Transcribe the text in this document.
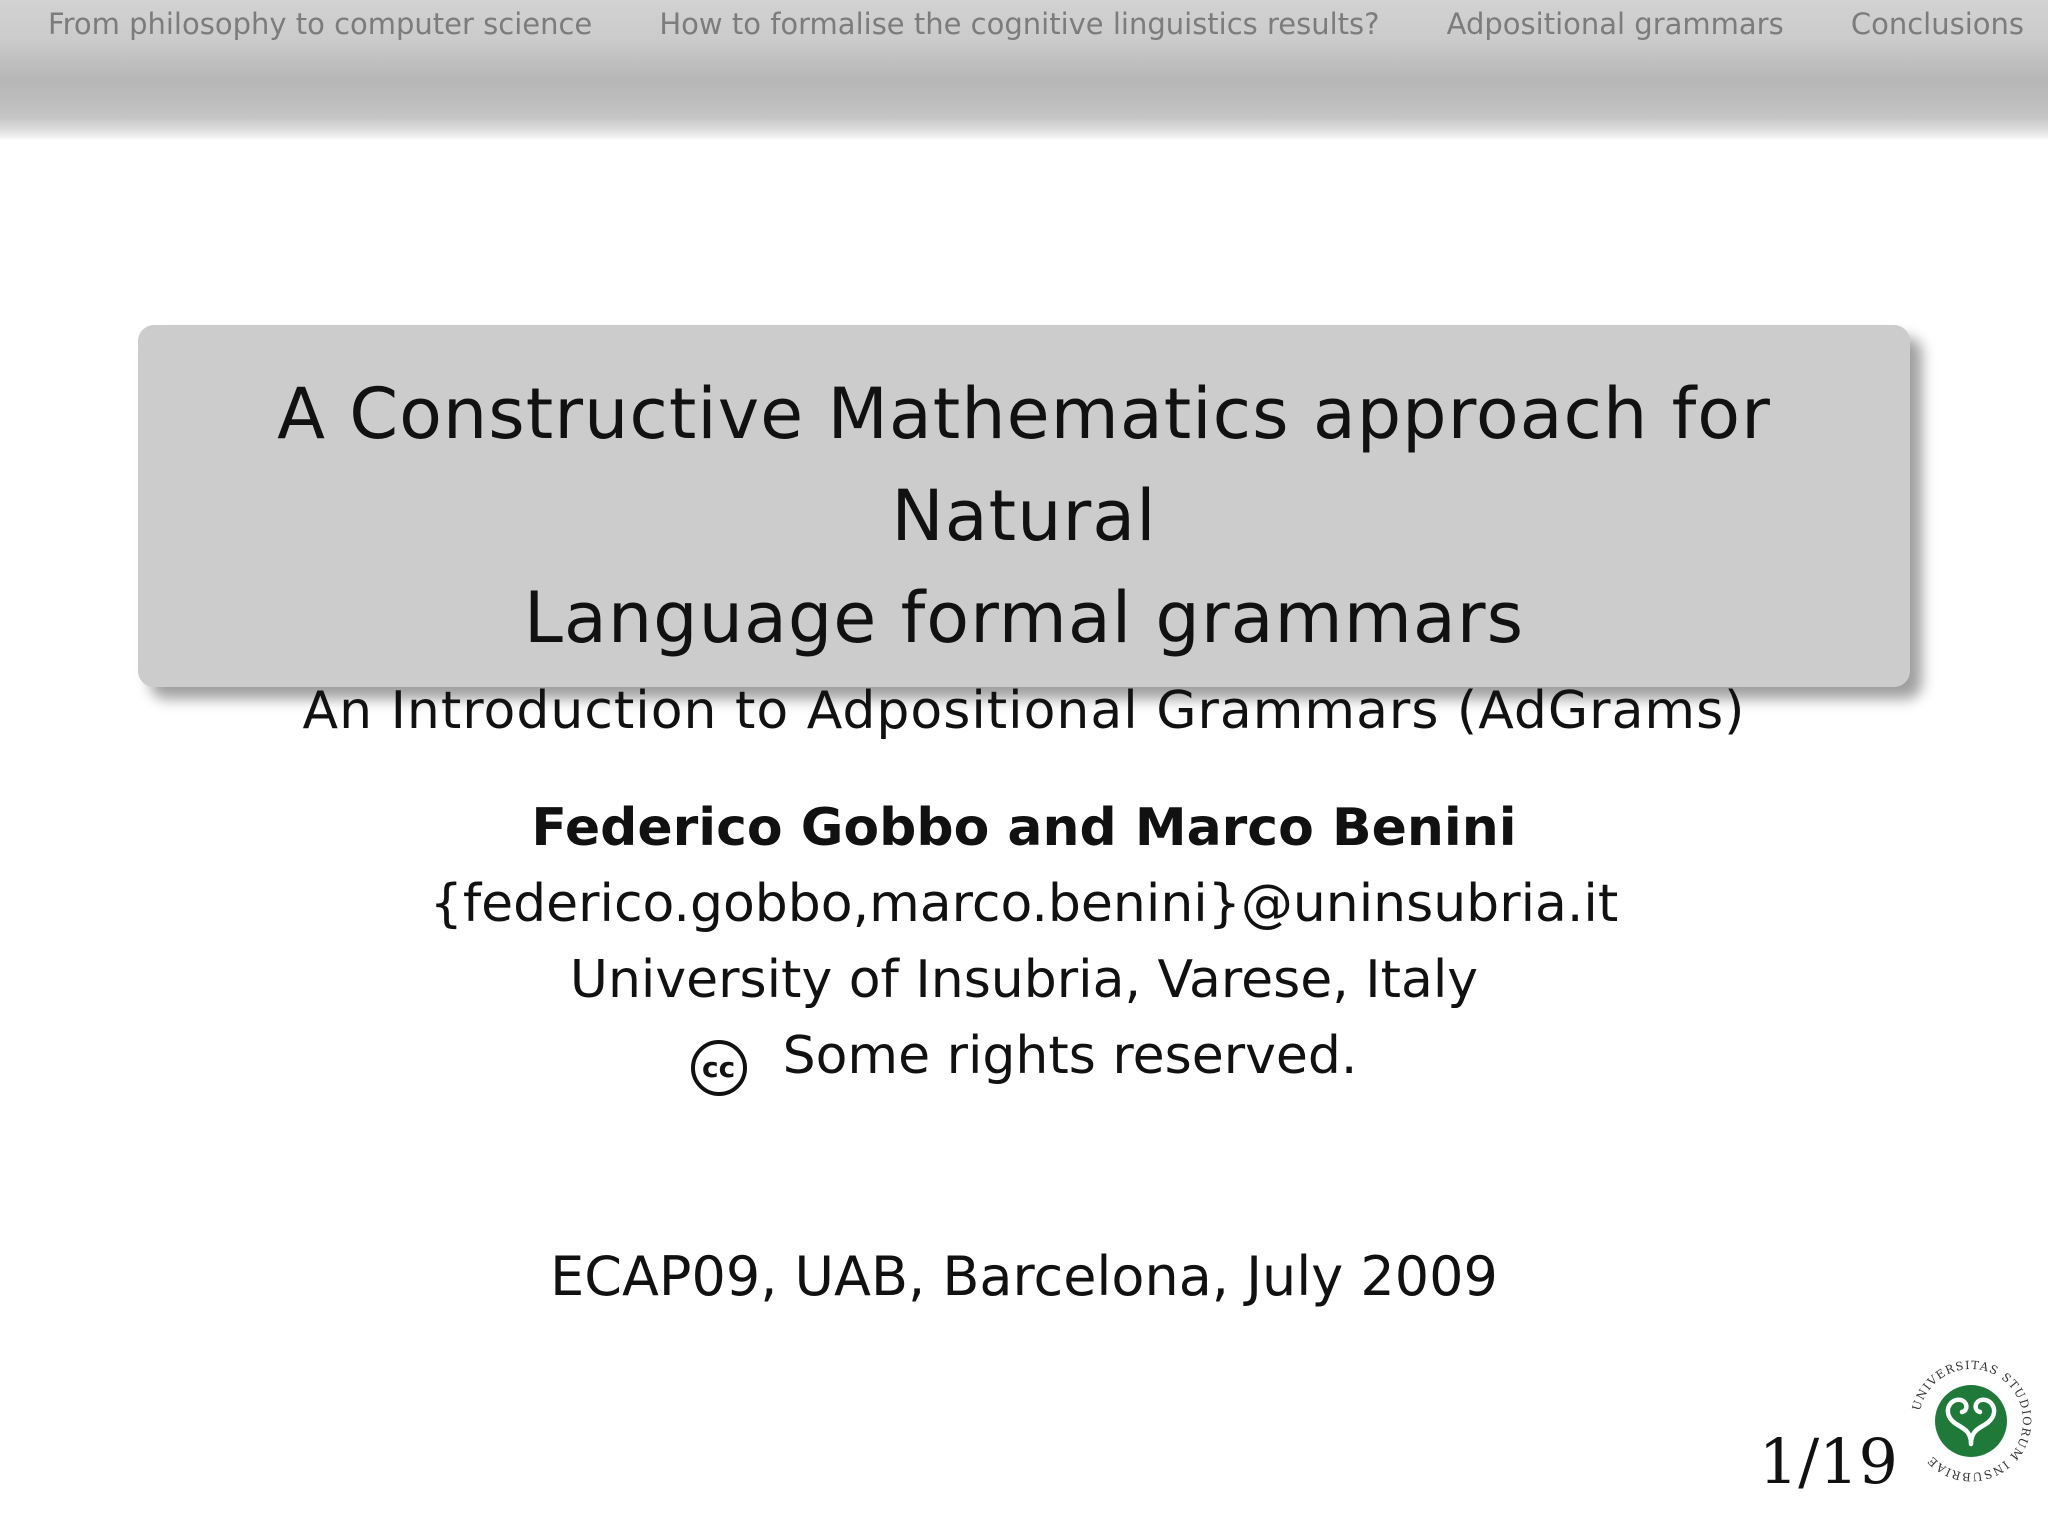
From philosophy to computer science How to formalise the cognitive linguistics results? Adpositional grammars Conclusions
A Constructive Mathematics approach for Natural
Language formal grammars
An Introduction to Adpositional Grammars (AdGrams)
Federico Gobbo and Marco Benini
{federico.gobbo,marco.benini}@uninsubria.it
University of Insubria, Varese, Italy
cc Some rights reserved.
ECAP09, UAB, Barcelona, July 2009
1/19
UNIVERSITAS STUDIORUM INSUBRIAE
